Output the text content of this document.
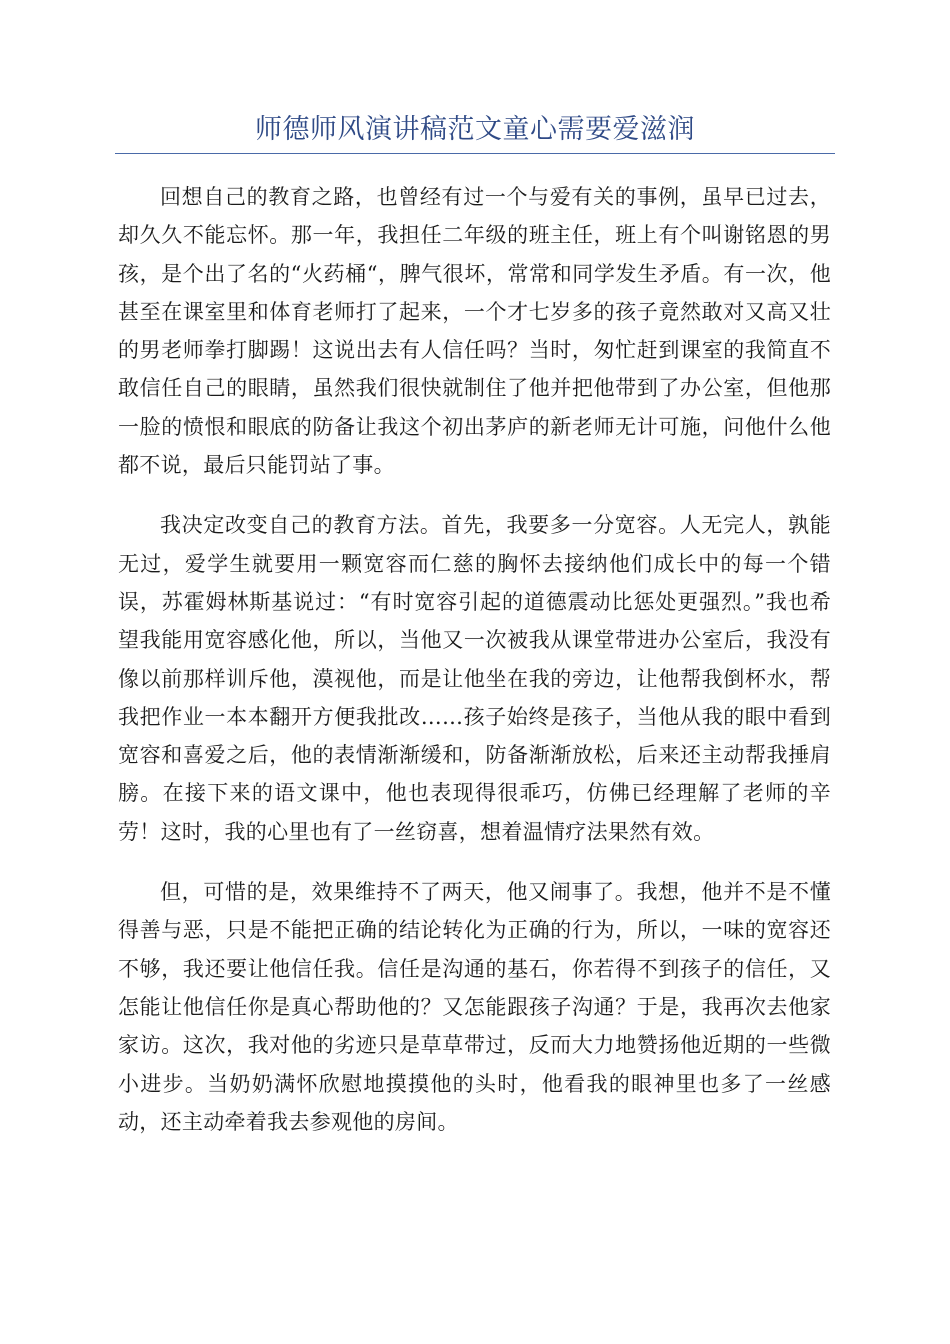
师德师风演讲稿范文童心需要爱滋润

回想自己的教育之路，也曾经有过一个与爱有关的事例，虽早已过去，却久久不能忘怀。那一年，我担任二年级的班主任，班上有个叫谢铭恩的男孩，是个出了名的“火药桶“，脾气很坏，常常和同学发生矛盾。有一次，他甚至在课室里和体育老师打了起来，一个才七岁多的孩子竟然敢对又高又壮的男老师拳打脚踢！这说出去有人信任吗？当时，匆忙赶到课室的我简直不敢信任自己的眼睛，虽然我们很快就制住了他并把他带到了办公室，但他那一脸的愤恨和眼底的防备让我这个初出茅庐的新老师无计可施，问他什么他都不说，最后只能罚站了事。

我决定改变自己的教育方法。首先，我要多一分宽容。人无完人，孰能无过，爱学生就要用一颗宽容而仁慈的胸怀去接纳他们成长中的每一个错误，苏霍姆林斯基说过：“有时宽容引起的道德震动比惩处更强烈。”我也希望我能用宽容感化他，所以，当他又一次被我从课堂带进办公室后，我没有像以前那样训斥他，漠视他，而是让他坐在我的旁边，让他帮我倒杯水，帮我把作业一本本翻开方便我批改……孩子始终是孩子，当他从我的眼中看到宽容和喜爱之后，他的表情渐渐缓和，防备渐渐放松，后来还主动帮我捶肩膀。在接下来的语文课中，他也表现得很乖巧，仿佛已经理解了老师的辛劳！这时，我的心里也有了一丝窃喜，想着温情疗法果然有效。

但，可惜的是，效果维持不了两天，他又闹事了。我想，他并不是不懂得善与恶，只是不能把正确的结论转化为正确的行为，所以，一味的宽容还不够，我还要让他信任我。信任是沟通的基石，你若得不到孩子的信任，又怎能让他信任你是真心帮助他的？又怎能跟孩子沟通？于是，我再次去他家家访。这次，我对他的劣迹只是草草带过，反而大力地赞扬他近期的一些微小进步。当奶奶满怀欣慰地摸摸他的头时，他看我的眼神里也多了一丝感动，还主动牵着我去参观他的房间。
